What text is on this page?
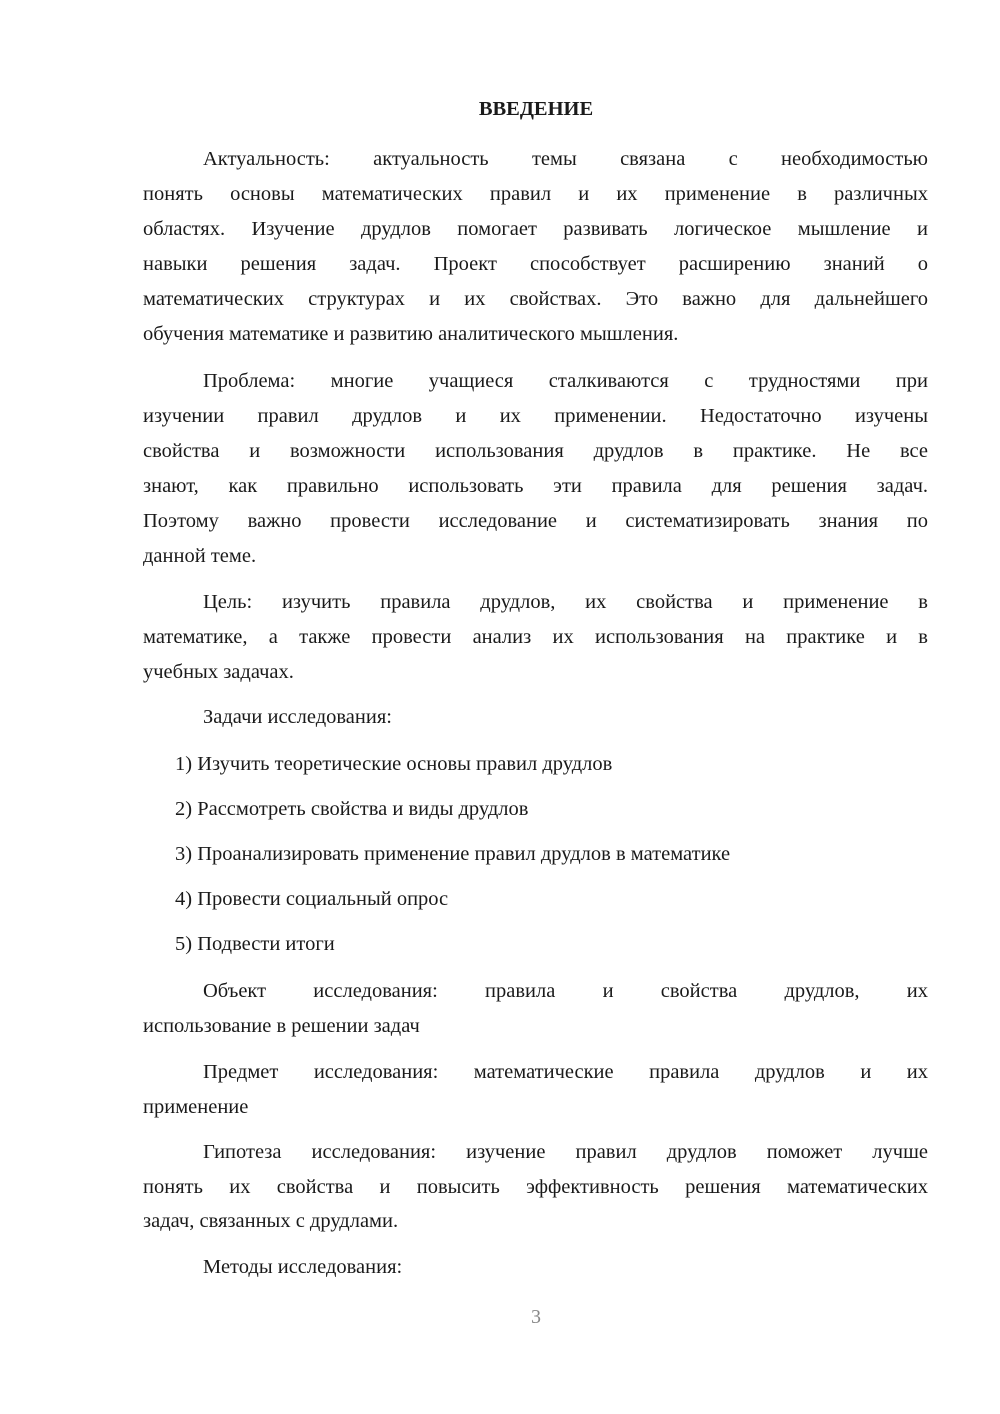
ВВЕДЕНИЕ
Актуальность: актуальность темы связана с необходимостью
понять основы математических правил и их применение в различных
областях. Изучение друдлов помогает развивать логическое мышление и
навыки решения задач. Проект способствует расширению знаний о
математических структурах и их свойствах. Это важно для дальнейшего
обучения математике и развитию аналитического мышления.
Проблема: многие учащиеся сталкиваются с трудностями при
изучении правил друдлов и их применении. Недостаточно изучены
свойства и возможности использования друдлов в практике. Не все
знают, как правильно использовать эти правила для решения задач.
Поэтому важно провести исследование и систематизировать знания по
данной теме.
Цель: изучить правила друдлов, их свойства и применение в
математике, а также провести анализ их использования на практике и в
учебных задачах.
Задачи исследования:
1) Изучить теоретические основы правил друдлов
2) Рассмотреть свойства и виды друдлов
3) Проанализировать применение правил друдлов в математике
4) Провести социальный опрос
5) Подвести итоги
Объект исследования: правила и свойства друдлов, их
использование в решении задач
Предмет исследования: математические правила друдлов и их
применение
Гипотеза исследования: изучение правил друдлов поможет лучше
понять их свойства и повысить эффективность решения математических
задач, связанных с друдлами.
Методы исследования:
3
